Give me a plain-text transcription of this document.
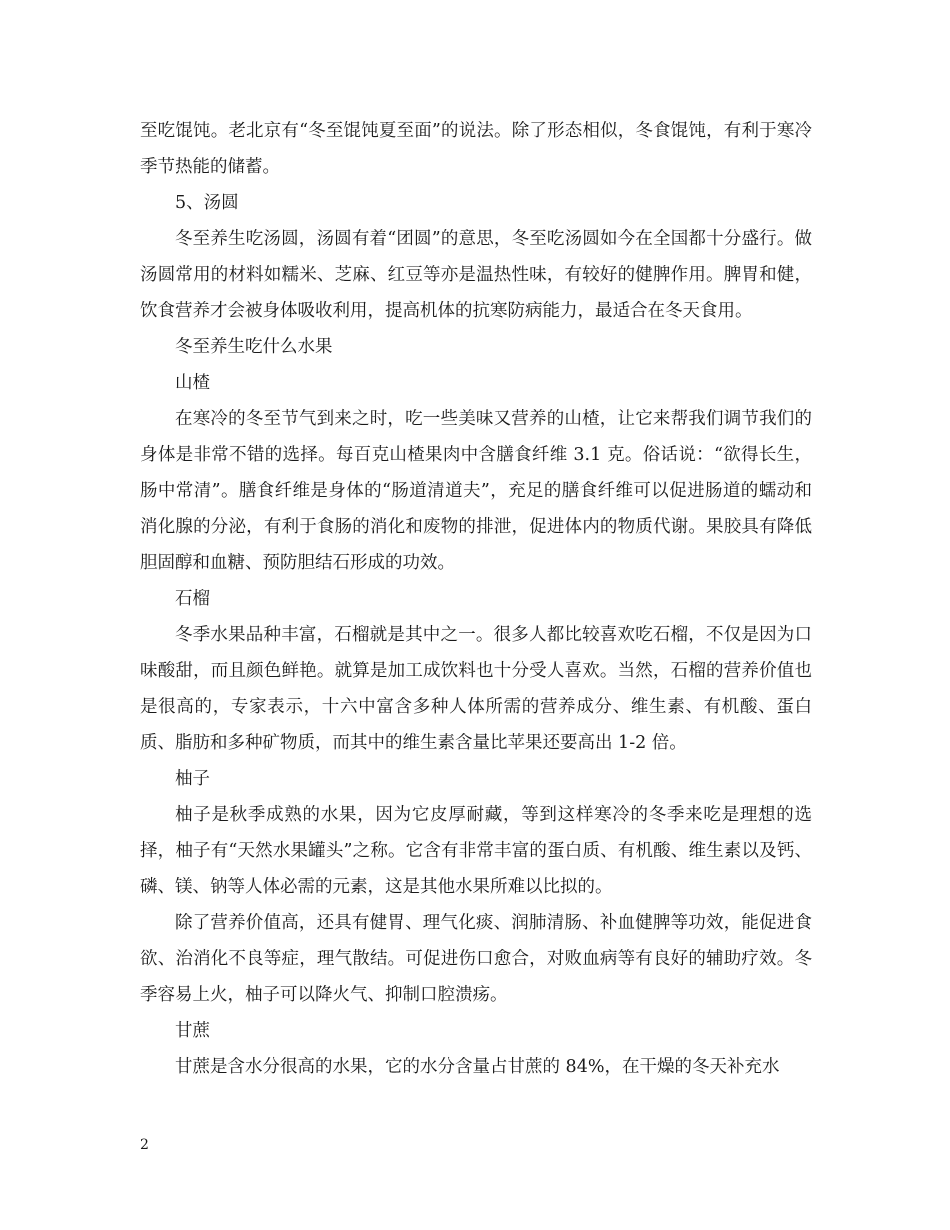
至吃馄饨。老北京有“冬至馄饨夏至面”的说法。除了形态相似，冬食馄饨，有利于寒冷季节热能的储蓄。

5、汤圆

冬至养生吃汤圆，汤圆有着“团圆”的意思，冬至吃汤圆如今在全国都十分盛行。做汤圆常用的材料如糯米、芝麻、红豆等亦是温热性味，有较好的健脾作用。脾胃和健，饮食营养才会被身体吸收利用，提高机体的抗寒防病能力，最适合在冬天食用。

冬至养生吃什么水果

山楂

在寒冷的冬至节气到来之时，吃一些美味又营养的山楂，让它来帮我们调节我们的身体是非常不错的选择。每百克山楂果肉中含膳食纤维 3.1 克。俗话说：“欲得长生，肠中常清”。膳食纤维是身体的“肠道清道夫”，充足的膳食纤维可以促进肠道的蠕动和消化腺的分泌，有利于食肠的消化和废物的排泄，促进体内的物质代谢。果胶具有降低胆固醇和血糖、预防胆结石形成的功效。

石榴

冬季水果品种丰富，石榴就是其中之一。很多人都比较喜欢吃石榴，不仅是因为口味酸甜，而且颜色鲜艳。就算是加工成饮料也十分受人喜欢。当然，石榴的营养价值也是很高的，专家表示，十六中富含多种人体所需的营养成分、维生素、有机酸、蛋白质、脂肪和多种矿物质，而其中的维生素含量比苹果还要高出 1-2 倍。

柚子

柚子是秋季成熟的水果，因为它皮厚耐藏，等到这样寒冷的冬季来吃是理想的选择，柚子有“天然水果罐头”之称。它含有非常丰富的蛋白质、有机酸、维生素以及钙、磷、镁、钠等人体必需的元素，这是其他水果所难以比拟的。

除了营养价值高，还具有健胃、理气化痰、润肺清肠、补血健脾等功效，能促进食欲、治消化不良等症，理气散结。可促进伤口愈合，对败血病等有良好的辅助疗效。冬季容易上火，柚子可以降火气、抑制口腔溃疡。

甘蔗

甘蔗是含水分很高的水果，它的水分含量占甘蔗的 84%，在干燥的冬天补充水

2
